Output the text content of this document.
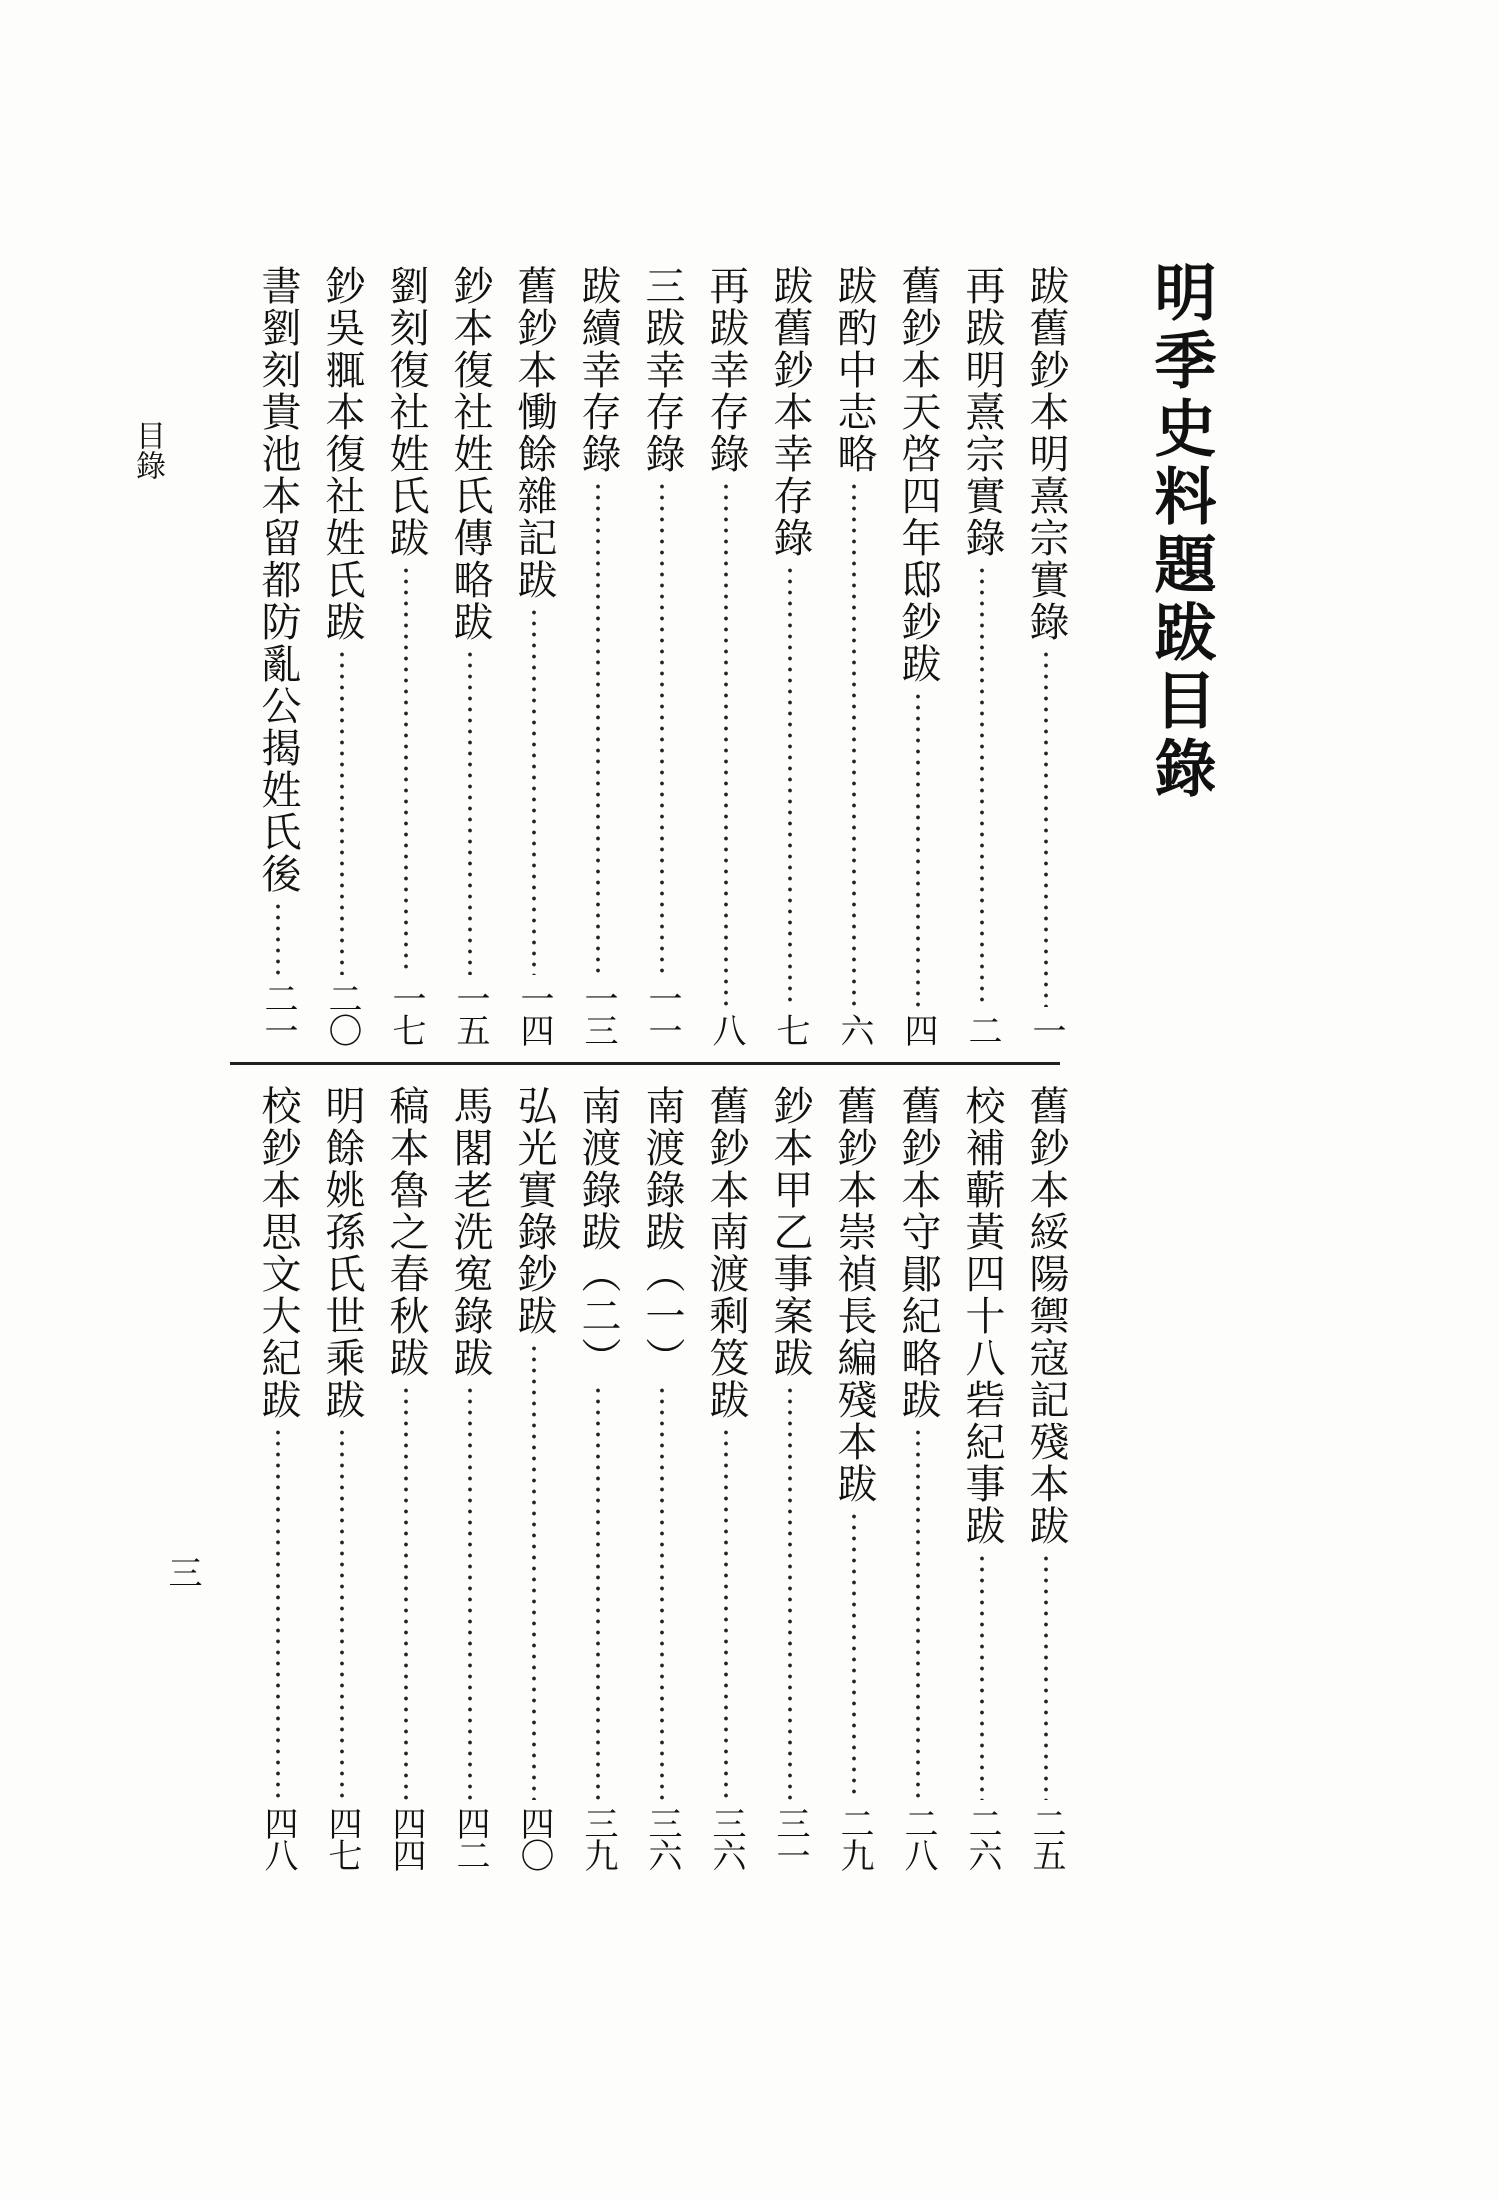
明季史料題跋目錄
跋舊鈔本明熹宗實錄
一
再跋明熹宗實錄
二
舊鈔本天啓四年邸鈔跋
四
跋酌中志略
六
跋舊鈔本幸存錄
七
再跋幸存錄
八
三跋幸存錄
一一
跋續幸存錄
一三
舊鈔本慟餘雜記跋
一四
鈔本復社姓氏傳略跋
一五
劉刻復社姓氏跋
一七
鈔吳䎎本復社姓氏跋
二〇
書劉刻貴池本留都防亂公揭姓氏後
二一
舊鈔本綏陽禦寇記殘本跋
二五
校補蘄黃四十八砦紀事跋
二六
舊鈔本守鄖紀略跋
二八
舊鈔本崇禎長編殘本跋
二九
鈔本甲乙事案跋
三一
舊鈔本南渡剩笈跋
三六
南渡錄跋（一）
三六
南渡錄跋（二）
三九
弘光實錄鈔跋
四〇
馬閣老洗寃錄跋
四二
稿本魯之春秋跋
四四
明餘姚孫氏世乘跋
四七
校鈔本思文大紀跋
四八
目錄
三
